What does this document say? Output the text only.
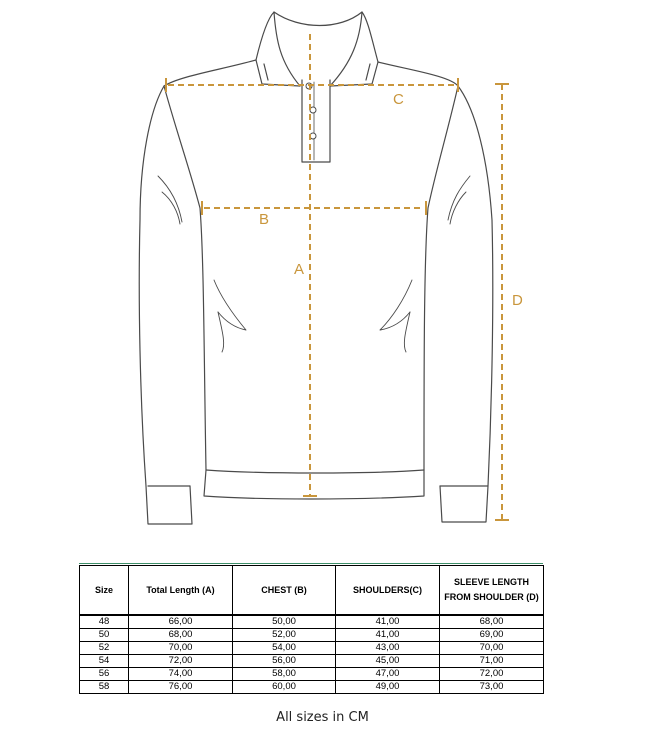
A
B
C
D
Size	Total Length (A)	CHEST (B)	SHOULDERS(C)	SLEEVE LENGTH FROM SHOULDER (D)
48	66,00	50,00	41,00	68,00
50	68,00	52,00	41,00	69,00
52	70,00	54,00	43,00	70,00
54	72,00	56,00	45,00	71,00
56	74,00	58,00	47,00	72,00
58	76,00	60,00	49,00	73,00
All sizes in CM
